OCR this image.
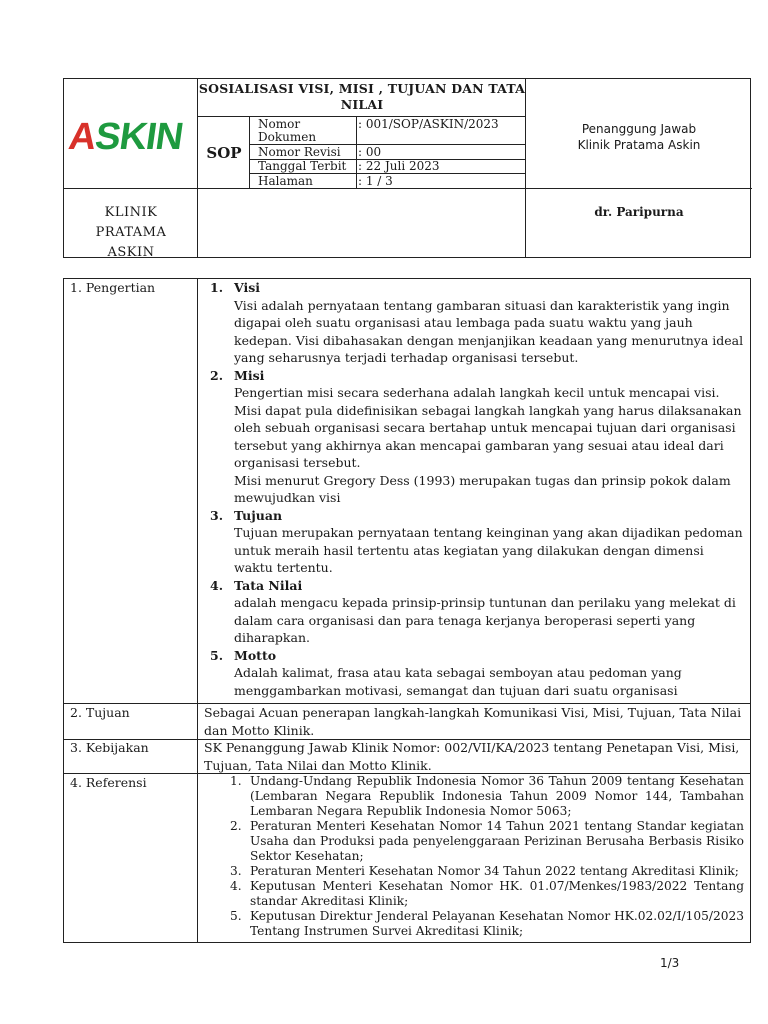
ASKIN
SOSIALISASI VISI, MISI , TUJUAN DAN TATA NILAI
SOP
Nomor Dokumen
: 001/SOP/ASKIN/2023
Nomor Revisi	: 00
Tanggal Terbit : 22 Juli 2023
Halaman	: 1 / 3
Penanggung Jawab
Klinik Pratama Askin
KLINIK
PRATAMA
ASKIN
dr. Paripurna
1. Pengertian	1. Visi

Visi adalah pernyataan tentang gambaran situasi dan karakteristik yang ingin digapai oleh suatu organisasi atau lembaga pada suatu waktu yang jauh kedepan. Visi dibahasakan dengan menjanjikan keadaan yang menurutnya ideal yang seharusnya terjadi terhadap organisasi tersebut.

2. Misi

Pengertian misi secara sederhana adalah langkah kecil untuk mencapai visi. Misi dapat pula didefinisikan sebagai langkah langkah yang harus dilaksanakan oleh sebuah organisasi secara bertahap untuk mencapai tujuan dari organisasi tersebut yang akhirnya akan mencapai gambaran yang sesuai atau ideal dari organisasi tersebut.

Misi menurut Gregory Dess (1993) merupakan tugas dan prinsip pokok dalam mewujudkan visi

3. Tujuan

Tujuan merupakan pernyataan tentang keinginan yang akan dijadikan pedoman untuk meraih hasil tertentu atas kegiatan yang dilakukan dengan dimensi waktu tertentu.

4. Tata Nilai

adalah mengacu kepada prinsip-prinsip tuntunan dan perilaku yang melekat di dalam cara organisasi dan para tenaga kerjanya beroperasi seperti yang diharapkan.

5. Motto

Adalah kalimat, frasa atau kata sebagai semboyan atau pedoman yang menggambarkan motivasi, semangat dan tujuan dari suatu organisasi

2. Tujuan	Sebagai Acuan penerapan langkah-langkah Komunikasi Visi, Misi, Tujuan, Tata Nilai dan Motto Klinik.
3. Kebijakan	SK Penanggung Jawab Klinik Nomor: 002/VII/KA/2023 tentang Penetapan Visi, Misi, Tujuan, Tata Nilai dan Motto Klinik.
4. Referensi	1. Undang-Undang Republik Indonesia Nomor 36 Tahun 2009 tentang Kesehatan (Lembaran Negara Republik Indonesia Tahun 2009 Nomor 144, Tambahan Lembaran Negara Republik Indonesia Nomor 5063;
2. Peraturan Menteri Kesehatan Nomor 14 Tahun 2021 tentang Standar kegiatan Usaha dan Produksi pada penyelenggaraan Perizinan Berusaha Berbasis Risiko Sektor Kesehatan;
3. Peraturan Menteri Kesehatan Nomor 34 Tahun 2022 tentang Akreditasi Klinik;
4. Keputusan Menteri Kesehatan Nomor HK. 01.07/Menkes/1983/2022 Tentang standar Akreditasi Klinik;
5. Keputusan Direktur Jenderal Pelayanan Kesehatan Nomor HK.02.02/I/105/2023 Tentang Instrumen Survei Akreditasi Klinik;
1/3
